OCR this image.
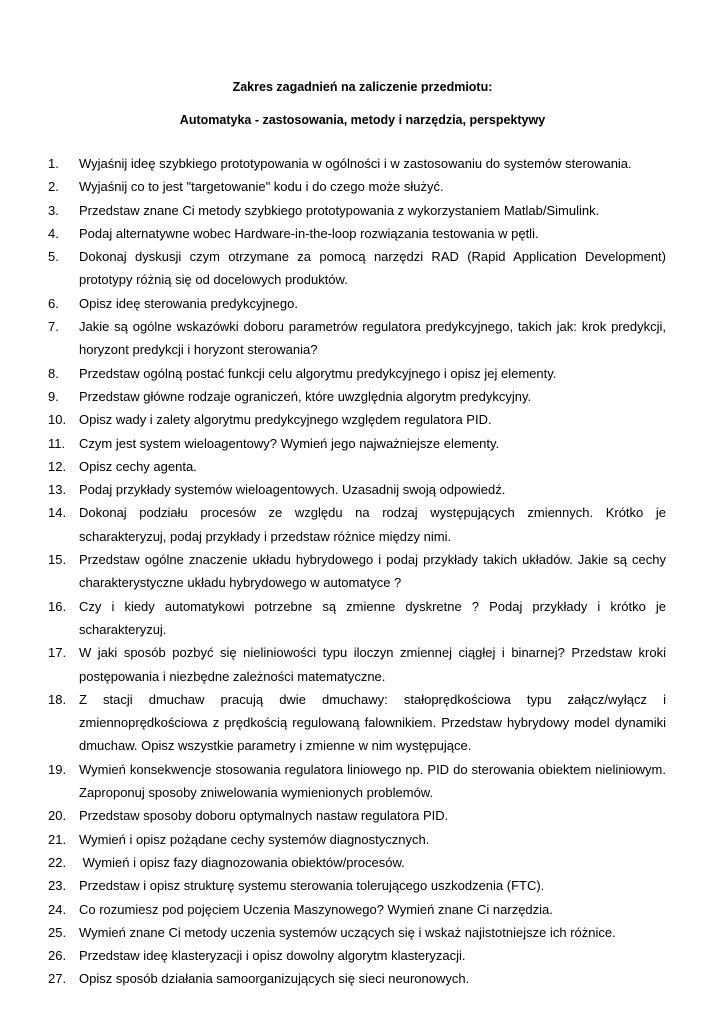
Zakres zagadnień na zaliczenie przedmiotu:
Automatyka - zastosowania, metody i narzędzia, perspektywy
1.	Wyjaśnij ideę szybkiego prototypowania w ogólności i w zastosowaniu do systemów sterowania.
2.	Wyjaśnij co to jest "targetowanie" kodu i do czego może służyć.
3.	Przedstaw znane Ci metody szybkiego prototypowania z wykorzystaniem Matlab/Simulink.
4.	Podaj alternatywne wobec Hardware-in-the-loop rozwiązania testowania w pętli.
5.	Dokonaj dyskusji czym otrzymane za pomocą narzędzi RAD (Rapid Application Development) prototypy różnią się od docelowych produktów.
6.	Opisz ideę sterowania predykcyjnego.
7.	Jakie są ogólne wskazówki doboru parametrów regulatora predykcyjnego, takich jak: krok predykcji, horyzont predykcji i horyzont sterowania?
8.	Przedstaw ogólną postać funkcji celu algorytmu predykcyjnego i opisz jej elementy.
9.	Przedstaw główne rodzaje ograniczeń, które uwzględnia algorytm predykcyjny.
10. Opisz wady i zalety algorytmu predykcyjnego względem regulatora PID.
11.	Czym jest system wieloagentowy? Wymień jego najważniejsze elementy.
12. Opisz cechy agenta.
13. Podaj przykłady systemów wieloagentowych. Uzasadnij swoją odpowiedź.
14. Dokonaj podziału procesów ze względu na rodzaj występujących zmiennych. Krótko je scharakteryzuj, podaj przykłady i przedstaw różnice między nimi.
15. Przedstaw ogólne znaczenie układu hybrydowego i podaj przykłady takich układów. Jakie są cechy charakterystyczne układu hybrydowego w automatyce ?
16. Czy i kiedy automatykowi potrzebne są zmienne dyskretne ? Podaj przykłady i krótko je scharakteryzuj.
17. W jaki sposób pozbyć się nieliniowości typu iloczyn zmiennej ciągłej i binarnej? Przedstaw kroki postępowania i niezbędne zależności matematyczne.
18. Z stacji dmuchaw pracują dwie dmuchawy: stałoprędkościowa typu załącz/wyłącz i zmiennoprędkościowa z prędkością regulowaną falownikiem. Przedstaw hybrydowy model dynamiki dmuchaw. Opisz wszystkie parametry i zmienne w nim występujące.
19. Wymień konsekwencje stosowania regulatora liniowego np. PID do sterowania obiektem nieliniowym. Zaproponuj sposoby zniwelowania wymienionych problemów.
20. Przedstaw sposoby doboru optymalnych nastaw regulatora PID.
21. Wymień i opisz pożądane cechy systemów diagnostycznych.
22. Wymień i opisz fazy diagnozowania obiektów/procesów.
23. Przedstaw i opisz strukturę systemu sterowania tolerującego uszkodzenia (FTC).
24. Co rozumiesz pod pojęciem Uczenia Maszynowego? Wymień znane Ci narzędzia.
25. Wymień znane Ci metody uczenia systemów uczących się i wskaż najistotniejsze ich różnice.
26. Przedstaw ideę klasteryzacji i opisz dowolny algorytm klasteryzacji.
27. Opisz sposób działania samoorganizujących się sieci neuronowych.
